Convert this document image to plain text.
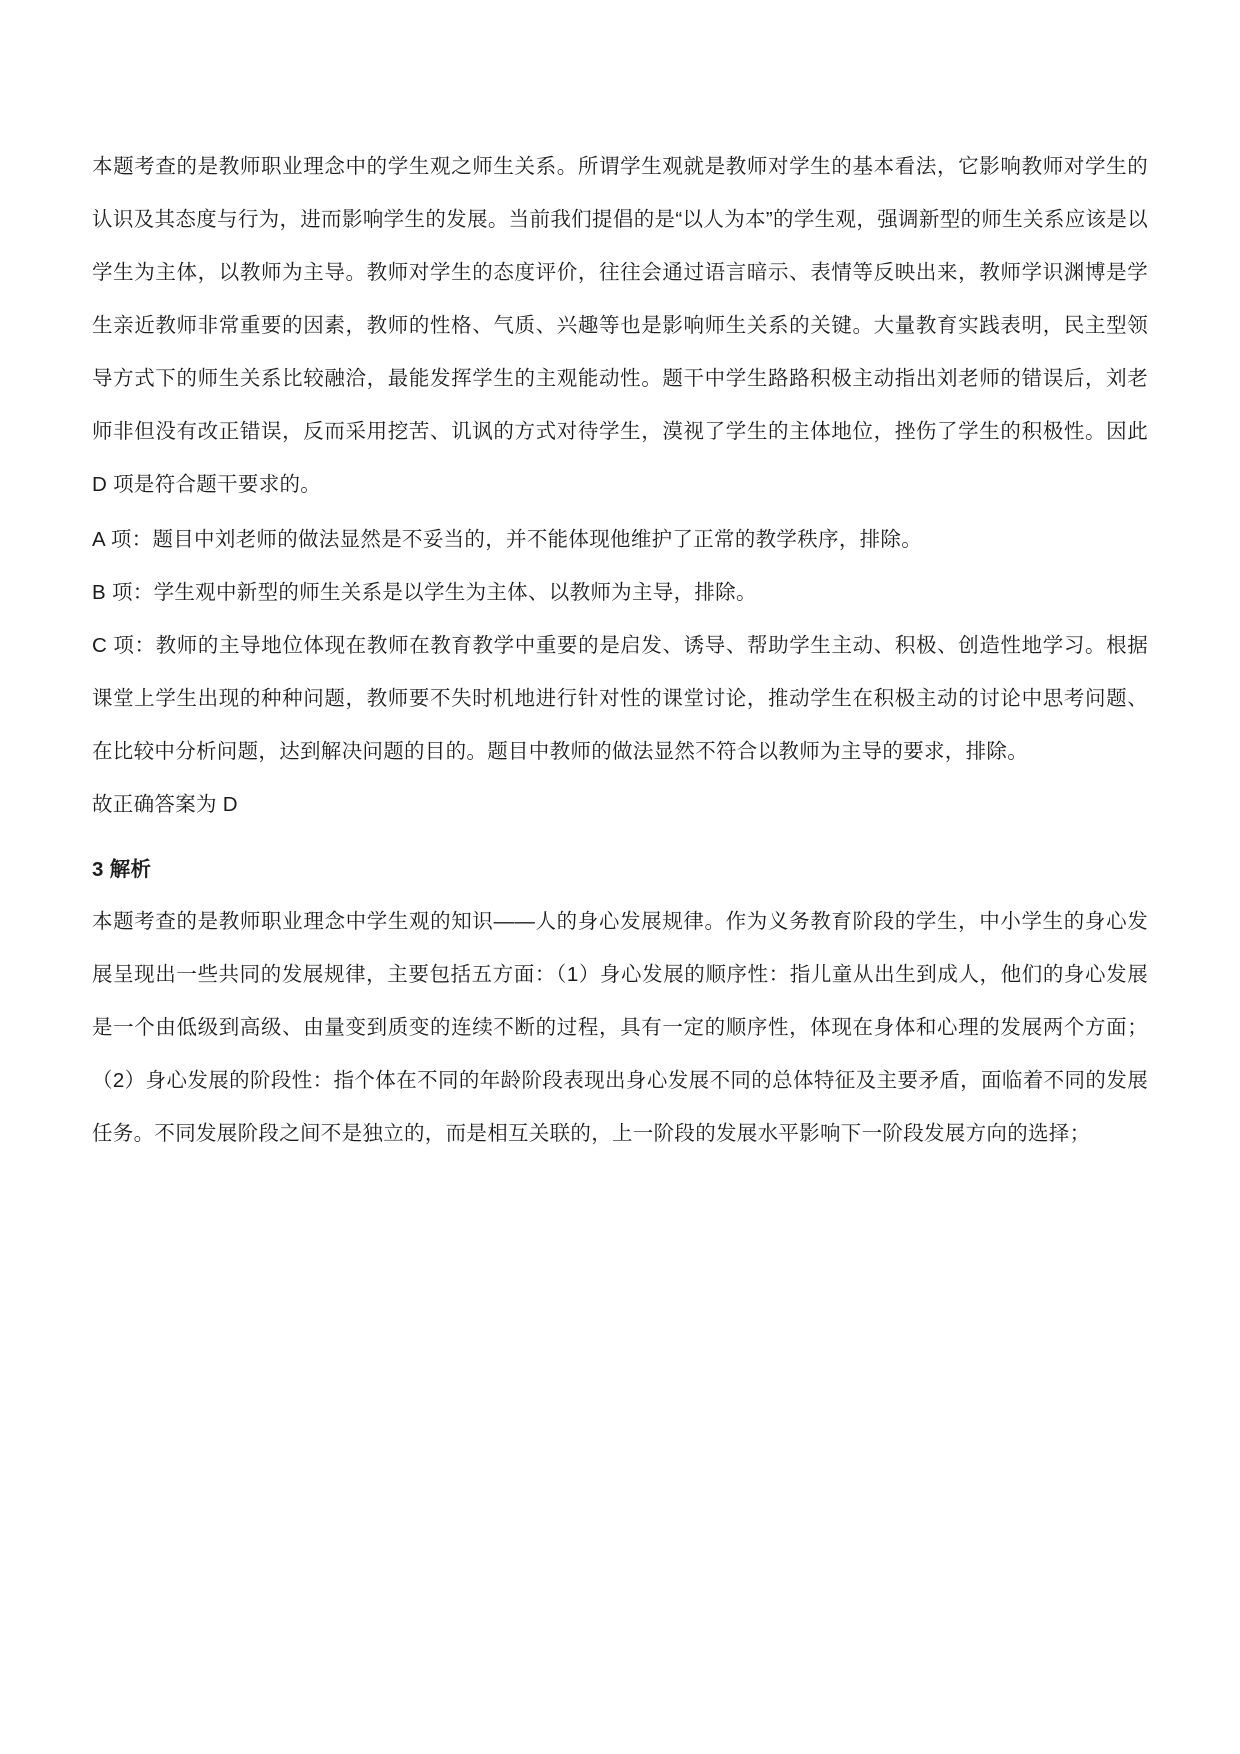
本题考查的是教师职业理念中的学生观之师生关系。所谓学生观就是教师对学生的基本看法，它影响教师对学生的认识及其态度与行为，进而影响学生的发展。当前我们提倡的是“以人为本”的学生观，强调新型的师生关系应该是以学生为主体，以教师为主导。教师对学生的态度评价，往往会通过语言暗示、表情等反映出来，教师学识渊博是学生亲近教师非常重要的因素，教师的性格、气质、兴趣等也是影响师生关系的关键。大量教育实践表明，民主型领导方式下的师生关系比较融洽，最能发挥学生的主观能动性。题干中学生路路积极主动指出刘老师的错误后，刘老师非但没有改正错误，反而采用挖苦、讥讽的方式对待学生，漠视了学生的主体地位，挫伤了学生的积极性。因此 D 项是符合题干要求的。

A 项：题目中刘老师的做法显然是不妥当的，并不能体现他维护了正常的教学秩序，排除。

B 项：学生观中新型的师生关系是以学生为主体、以教师为主导，排除。

C 项：教师的主导地位体现在教师在教育教学中重要的是启发、诱导、帮助学生主动、积极、创造性地学习。根据课堂上学生出现的种种问题，教师要不失时机地进行针对性的课堂讨论，推动学生在积极主动的讨论中思考问题、在比较中分析问题，达到解决问题的目的。题目中教师的做法显然不符合以教师为主导的要求，排除。

故正确答案为 D

3 解析

本题考查的是教师职业理念中学生观的知识——人的身心发展规律。作为义务教育阶段的学生，中小学生的身心发展呈现出一些共同的发展规律，主要包括五方面：（1）身心发展的顺序性：指儿童从出生到成人，他们的身心发展是一个由低级到高级、由量变到质变的连续不断的过程，具有一定的顺序性，体现在身体和心理的发展两个方面；（2）身心发展的阶段性：指个体在不同的年龄阶段表现出身心发展不同的总体特征及主要矛盾，面临着不同的发展任务。不同发展阶段之间不是独立的，而是相互关联的，上一阶段的发展水平影响下一阶段发展方向的选择；
